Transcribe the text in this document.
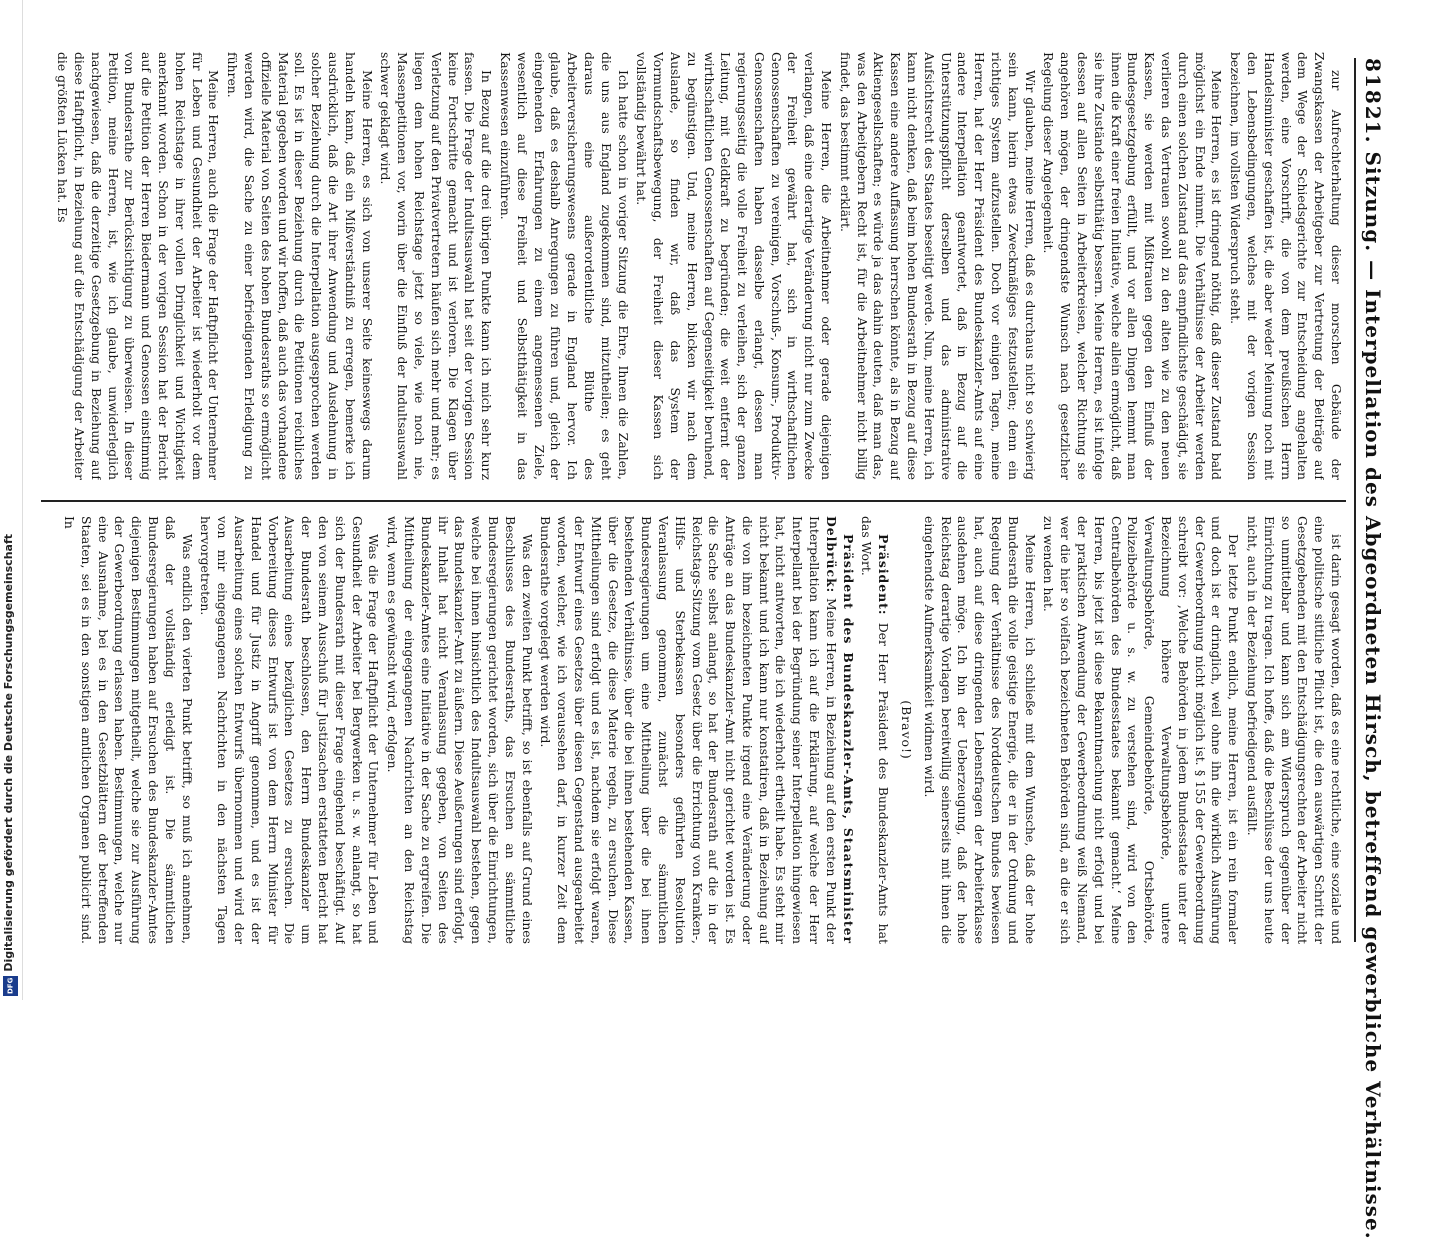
Digitalisierung gefördert durch die Deutsche Forschungsgemeinschaft
DFG
818
21. Sitzung. — Interpellation des Abgeordneten Hirsch, betreffend gewerbliche Verhältnisse.

zur Aufrechterhaltung dieser morschen Gebäude der Zwangskassen der Arbeitgeber zur Vertretung der Beiträge auf dem Wege der Schiedsgerichte zur Entscheidung angehalten werden, eine Vorschrift, die von dem preußischen Herrn Handelsminister geschaffen ist, die aber weder Meinung noch mit den Lebensbedingungen, welches mit der vorigen Session bezeichnen, im vollsten Widerspruch steht.

Meine Herren, es ist dringend nöthig, daß dieser Zustand bald möglichst ein Ende nimmt. Die Verhältnisse der Arbeiter werden durch einen solchen Zustand auf das empfindlichste geschädigt, sie verlieren das Vertrauen sowohl zu den alten wie zu den neuen Kassen, sie werden mit Mißtrauen gegen den Einfluß der Bundesgesetzgebung erfüllt, und vor allen Dingen hemmt man ihnen die Kraft einer freien Initiative, welche allein ermöglicht, daß sie ihre Zustände selbstthätig bessern. Meine Herren, es ist infolge dessen auf allen Seiten in Arbeiterkreisen, welcher Richtung sie angehören mögen, der dringendste Wunsch nach gesetzlicher Regelung dieser Angelegenheit.

Wir glauben, meine Herren, daß es durchaus nicht so schwierig sein kann, hierin etwas Zweckmäßiges festzustellen; denn ein richtiges System aufzustellen. Doch vor einigen Tagen, meine Herren, hat der Herr Präsident des Bundeskanzler-Amts auf eine andere Interpellation geantwortet, daß in Bezug auf die Unterstützungspflicht derselben und das administrative Aufsichtsrecht des Staates beseitigt werde. Nun, meine Herren, ich kann nicht denken, daß beim hohen Bundesrath in Bezug auf diese Kassen eine andere Auffassung herrschen könnte, als in Bezug auf Aktiengesellschaften; es würde ja das dahin deuten, daß man das, was den Arbeitgebern Recht ist, für die Arbeitnehmer nicht billig findet, das bestimmt erklärt.

Meine Herren, die Arbeitnehmer oder gerade diejenigen verlangen, daß eine derartige Veränderung nicht nur zum Zwecke der Freiheit gewährt hat, sich in wirthschaftlichen Genossenschaften zu vereinigen, Vorschuß-, Konsum-, Produktiv-Genossenschaften haben dasselbe erlangt, dessen man regierungsseitig die volle Freiheit zu verleihen, sich der ganzen Leitung, mit Geldkraft zu begründen; die weit entfernt der wirthschaftlichen Genossenschaften auf Gegenseitigkeit beruhend, zu begünstigen. Und, meine Herren, blicken wir nach dem Auslande, so finden wir, daß das System der Vormundschaftsbewegung, der Freiheit dieser Kassen sich vollständig bewährt hat.

Ich hatte schon in voriger Sitzung die Ehre, Ihnen die Zahlen, die uns aus England zugekommen sind, mitzutheilen; es geht daraus eine außerordentliche Blüthe des Arbeiterversicherungswesens gerade in England hervor. Ich glaube, daß es deshalb Anregungen zu führen und, gleich der eingehenden Erfahrungen zu einem angemessenen Ziele, wesentlich auf diese Freiheit und Selbstthätigkeit in das Kassenwesen einzuführen.

In Bezug auf die drei übrigen Punkte kann ich mich sehr kurz fassen. Die Frage der Indultsauswahl hat seit der vorigen Session keine Fortschritte gemacht und ist verloren. Die Klagen über Verletzung auf den Privatvertretern häufen sich mehr und mehr; es liegen dem hohen Reichstage jetzt so viele, wie noch nie, Massenpetitionen vor, worin über die Einfluß der Indultsauswahl schwer geklagt wird.

Meine Herren, es sich von unserer Seite keineswegs darum handeln kann, daß ein Mißverständniß zu erregen, bemerke ich ausdrücklich, daß die Art ihrer Anwendung und Ausdehnung in solcher Beziehung durch die Interpellation ausgesprochen werden soll. Es ist in dieser Beziehung durch die Petitionen reichliches Material gegeben worden und wir hoffen, daß auch das vorhandene offizielle Material von Seiten des hohen Bundesraths so ermöglicht werden wird, die Sache zu einer befriedigenden Erledigung zu führen.

Meine Herren, auch die Frage der Haftpflicht der Unternehmer für Leben und Gesundheit der Arbeiter ist wiederholt vor dem hohen Reichstage in ihrer vollen Dringlichkeit und Wichtigkeit anerkannt worden. Schon in der vorigen Session hat der Bericht auf die Petition der Herren Biedermann und Genossen einstimmig von Bundesrathe zur Berücksichtigung zu überweisen. In dieser Petition, meine Herren, ist, wie ich glaube, unwiderleglich nachgewiesen, daß die derzeitige Gesetzgebung in Beziehung auf diese Haftpflicht, in Beziehung auf die Entschädigung der Arbeiter die größten Lücken hat. Es

ist darin gesagt worden, daß es eine rechtliche, eine soziale und eine politische sittliche Pflicht ist, die den auswärtigen Schritt der Gesetzgebenden mit den Entschädigungsrechten der Arbeiter nicht so unmittelbar und kann sich am Widerspruch gegenüber der Einrichtung zu tragen. Ich hoffe, daß die Beschlüsse der uns heute nicht, auch in der Beziehung befriedigend ausfällt.

Der letzte Punkt endlich, meine Herren, ist ein rein formaler und doch ist er dringlich, weil ohne ihn die wirklich Ausführung der Gewerbeordnung nicht möglich ist. § 155 der Gewerbeordnung schreibt vor: ‚Welche Behörden in jedem Bundesstaate unter der Bezeichnung höhere Verwaltungsbehörde, untere Verwaltungsbehörde, Gemeindebehörde, Ortsbehörde, Polizeibehörde u. s. w. zu verstehen sind, wird von den Centralbehörden des Bundesstaates bekannt gemacht.‘ Meine Herren, bis jetzt ist diese Bekanntmachung nicht erfolgt und bei der praktischen Anwendung der Gewerbeordnung weiß Niemand, wer die hier so vielfach bezeichneten Behörden sind, an die er sich zu wenden hat.

Meine Herren, ich schließe mit dem Wunsche, daß der hohe Bundesrath die volle geistige Energie, die er in der Ordnung und Regelung der Verhältnisse des Norddeutschen Bundes bewiesen hat, auch auf diese dringenden Lebensfragen der Arbeiterklasse ausdehnen möge. Ich bin der Ueberzeugung, daß der hohe Reichstag derartige Vorlagen bereitwillig seinerseits mit ihnen die eingehendste Aufmerksamkeit widmen wird.

(Bravo!)

Präsident: Der Herr Präsident des Bundeskanzler-Amts hat das Wort.

Präsident des Bundeskanzler-Amts, Staatsminister Delbrück: Meine Herren, in Beziehung auf den ersten Punkt der Interpellation kann ich auf die Erklärung, auf welche der Herr Interpellant bei der Begründung seiner Interpellation hingewiesen hat, nicht antworten, die ich wiederholt ertheilt habe. Es steht mir nicht bekannt und ich kann nur konstatiren, daß in Beziehung auf die von ihm bezeichneten Punkte irgend eine Veränderung oder Anträge an das Bundeskanzler-Amt nicht gerichtet worden ist. Es die Sache selbst anlangt, so hat der Bundesrath auf die in der Reichstags-Sitzung vom Gesetz über die Errichtung von Kranken-, Hilfs- und Sterbekassen besonders geführten Resolution Veranlassung genommen, zunächst die sämmtlichen Bundesregierungen um eine Mittheilung über die bei ihnen bestehenden Verhältnisse, über die bei ihnen bestehenden Kassen, über die Gesetze, die diese Materie regeln, zu ersuchen. Diese Mittheilungen sind erfolgt und es ist, nachdem sie erfolgt waren, der Entwurf eines Gesetzes über diesen Gegenstand ausgearbeitet worden, welcher, wie ich voraussehen darf, in kurzer Zeit dem Bundesrathe vorgelegt werden wird.

Was den zweiten Punkt betrifft, so ist ebenfalls auf Grund eines Beschlusses des Bundesraths, das Ersuchen an sämmtliche Bundesregierungen gerichtet worden, sich über die Einrichtungen, welche bei ihnen hinsichtlich des Indultsauswahl bestehen, gegen das Bundeskanzler-Amt zu äußern. Diese Aeußerungen sind erfolgt, ihr Inhalt hat nicht Veranlassung gegeben, von Seiten des Bundeskanzler-Amtes eine Initiative in der Sache zu ergreifen. Die Mittheilung der eingegangenen Nachrichten an den Reichstag wird, wenn es gewünscht wird, erfolgen.

Was die Frage der Haftpflicht der Unternehmer für Leben und Gesundheit der Arbeiter bei Bergwerken u. s. w. anlangt, so hat sich der Bundesrath mit dieser Frage eingehend beschäftigt. Auf den von seinem Ausschuß für Justizsachen erstatteten Bericht hat der Bundesrath beschlossen, den Herrn Bundeskanzler um Ausarbeitung eines bezüglichen Gesetzes zu ersuchen. Die Vorbereitung dieses Entwurfs ist von dem Herrn Minister für Handel und für Justiz in Angriff genommen, und es ist der Ausarbeitung eines solchen Entwurfs übernommen und wird der von mir eingegangenen Nachrichten in den nächsten Tagen hervorgetreten.

Was endlich den vierten Punkt betrifft, so muß ich annehmen, daß der vollständig erledigt ist. Die sämmtlichen Bundesregierungen haben auf Ersuchen des Bundeskanzler-Amtes diejenigen Bestimmungen mitgetheilt, welche sie zur Ausführung der Gewerbeordnung erlassen haben. Bestimmungen, welche nur eine Ausnahme, bei es in den Gesetzblättern der betreffenden Staaten, sei es in den sonstigen amtlichen Organen publicirt sind. In
